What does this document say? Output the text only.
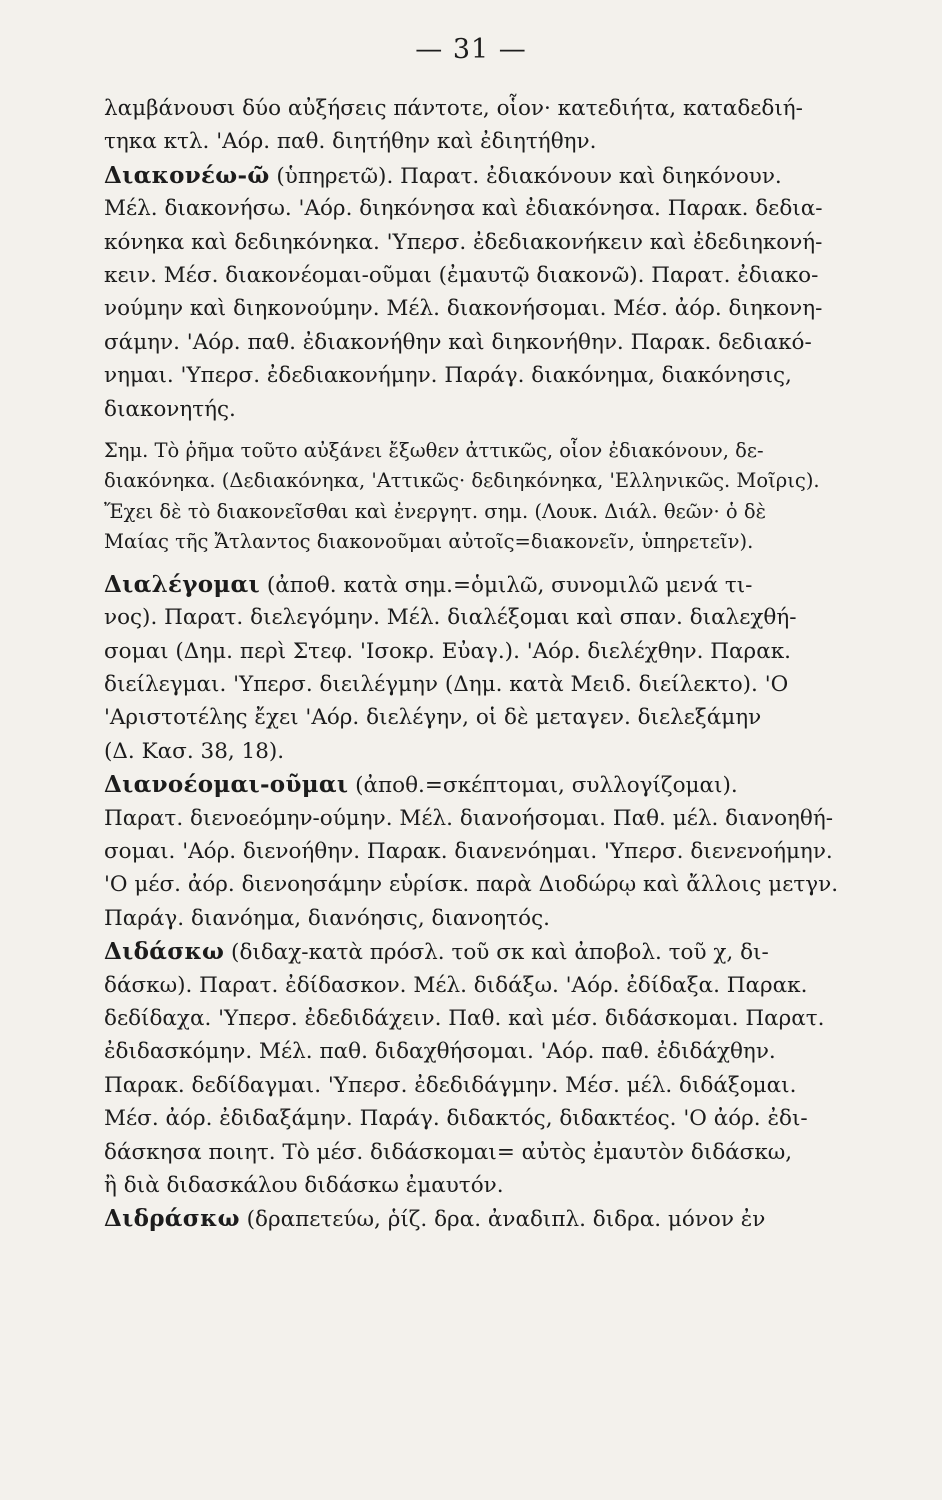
— 31 —
λαμβάνουσι δύο αὐξήσεις πάντοτε, οἷον· κατεδιήτα, καταδεδιή-
τηκα κτλ. 'Αόρ. παθ. διητήθην καὶ ἐδιητήθην.
Διακονέω-ῶ (ὑπηρετῶ). Παρατ. ἐδιακόνουν καὶ διηκόνουν.
Μέλ. διακονήσω. 'Αόρ. διηκόνησα καὶ ἐδιακόνησα. Παρακ. δεδια-
κόνηκα καὶ δεδιηκόνηκα. 'Υπερσ. ἐδεδιακονήκειν καὶ ἐδεδιηκονή-
κειν. Μέσ. διακονέομαι-οῦμαι (ἐμαυτῷ διακονῶ). Παρατ. ἐδιακο-
νούμην καὶ διηκονούμην. Μέλ. διακονήσομαι. Μέσ. ἀόρ. διηκονη-
σάμην. 'Αόρ. παθ. ἐδιακονήθην καὶ διηκονήθην. Παρακ. δεδιακό-
νημαι. 'Υπερσ. ἐδεδιακονήμην. Παράγ. διακόνημα, διακόνησις,
διακονητής.
Σημ. Τὸ ῥῆμα τοῦτο αὐξάνει ἔξωθεν ἀττικῶς, οἷον ἐδιακόνουν, δε-
διακόνηκα. (Δεδιακόνηκα, 'Αττικῶς· δεδιηκόνηκα, 'Ελληνικῶς. Μοῖρις).
Ἔχει δὲ τὸ διακονεῖσθαι καὶ ἐνεργητ. σημ. (Λουκ. Διάλ. θεῶν· ὁ δὲ
Μαίας τῆς Ἄτλαντος διακονοῦμαι αὐτοῖς=διακονεῖν, ὑπηρετεῖν).
Διαλέγομαι (ἀποθ. κατὰ σημ.=ὁμιλῶ, συνομιλῶ μενά τι-
νος). Παρατ. διελεγόμην. Μέλ. διαλέξομαι καὶ σπαν. διαλεχθή-
σομαι (Δημ. περὶ Στεφ. 'Ισοκρ. Εὐαγ.). 'Αόρ. διελέχθην. Παρακ.
διείλεγμαι. 'Υπερσ. διειλέγμην (Δημ. κατὰ Μειδ. διείλεκτο). 'Ο
'Αριστοτέλης ἔχει 'Αόρ. διελέγην, οἱ δὲ μεταγεν. διελεξάμην
(Δ. Κασ. 38, 18).
Διανοέομαι-οῦμαι (ἀποθ.=σκέπτομαι, συλλογίζομαι).
Παρατ. διενοεόμην-ούμην. Μέλ. διανοήσομαι. Παθ. μέλ. διανοηθή-
σομαι. 'Αόρ. διενοήθην. Παρακ. διανενόημαι. 'Υπερσ. διενενοήμην.
'Ο μέσ. ἀόρ. διενοησάμην εὑρίσκ. παρὰ Διοδώρῳ καὶ ἄλλοις μετγν.
Παράγ. διανόημα, διανόησις, διανοητός.
Διδάσκω (διδαχ-κατὰ πρόσλ. τοῦ σκ καὶ ἀποβολ. τοῦ χ, δι-
δάσκω). Παρατ. ἐδίδασκον. Μέλ. διδάξω. 'Αόρ. ἐδίδαξα. Παρακ.
δεδίδαχα. 'Υπερσ. ἐδεδιδάχειν. Παθ. καὶ μέσ. διδάσκομαι. Παρατ.
ἐδιδασκόμην. Μέλ. παθ. διδαχθήσομαι. 'Αόρ. παθ. ἐδιδάχθην.
Παρακ. δεδίδαγμαι. 'Υπερσ. ἐδεδιδάγμην. Μέσ. μέλ. διδάξομαι.
Μέσ. ἀόρ. ἐδιδαξάμην. Παράγ. διδακτός, διδακτέος. 'Ο ἀόρ. ἐδι-
δάσκησα ποιητ. Τὸ μέσ. διδάσκομαι= αὐτὸς ἐμαυτὸν διδάσκω,
ἢ διὰ διδασκάλου διδάσκω ἐμαυτόν.
Διδράσκω (δραπετεύω, ῥίζ. δρα. ἀναδιπλ. διδρα. μόνον ἐν
